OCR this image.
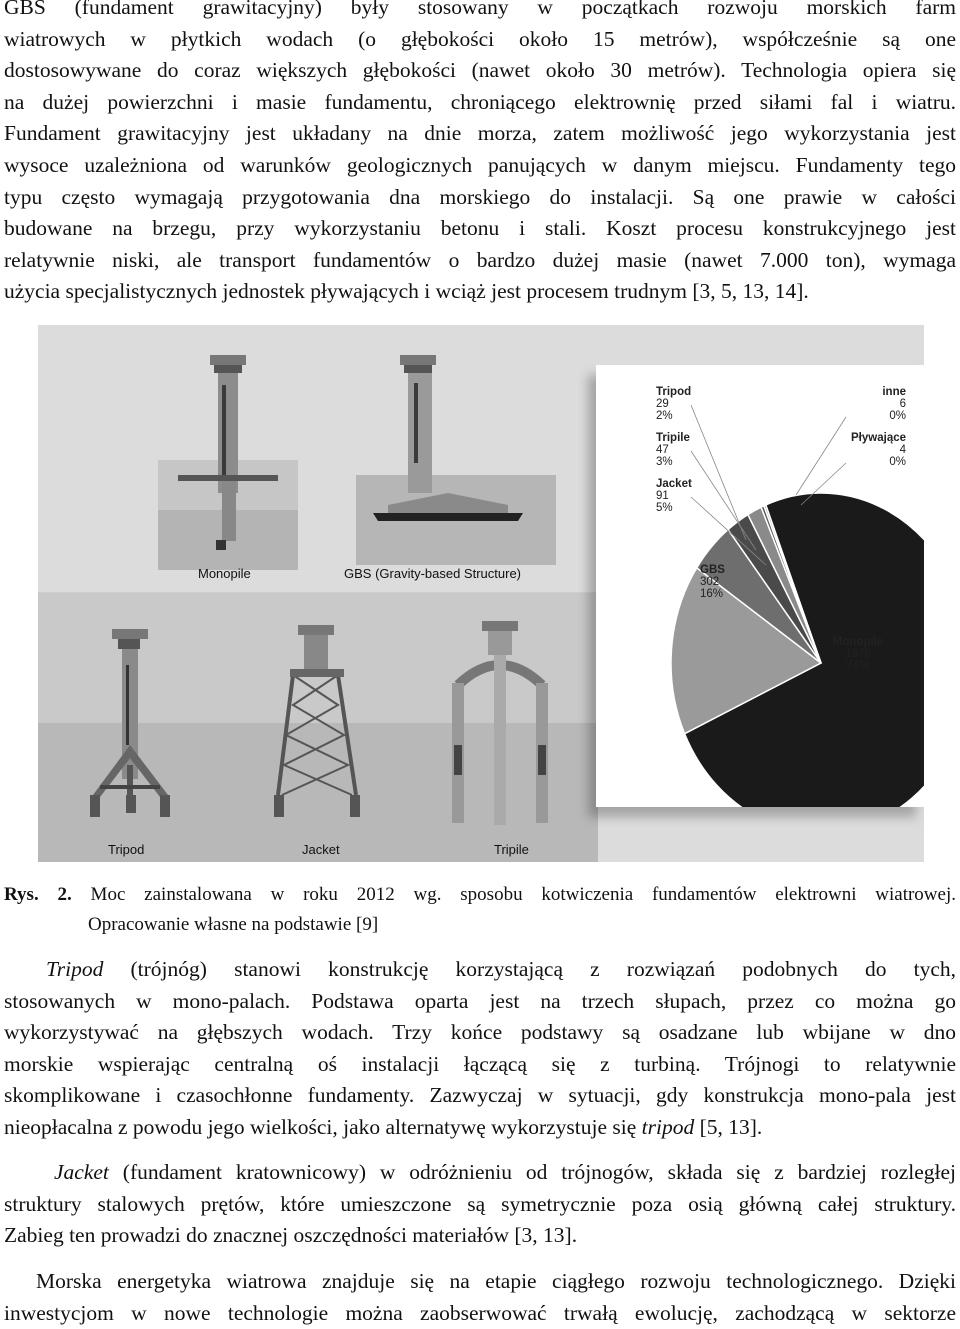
GBS (fundament grawitacyjny) były stosowany w początkach rozwoju morskich farm
wiatrowych w płytkich wodach (o głębokości około 15 metrów), współcześnie są one
dostosowywane do coraz większych głębokości (nawet około 30 metrów). Technologia opiera się
na dużej powierzchni i masie fundamentu, chroniącego elektrownię przed siłami fal i wiatru.
Fundament grawitacyjny jest układany na dnie morza, zatem możliwość jego wykorzystania jest
wysoce uzależniona od warunków geologicznych panujących w danym miejscu. Fundamenty tego
typu często wymagają przygotowania dna morskiego do instalacji. Są one prawie w całości
budowane na brzegu, przy wykorzystaniu betonu i stali. Koszt procesu konstrukcyjnego jest
relatywnie niski, ale transport fundamentów o bardzo dużej masie (nawet 7.000 ton), wymaga
użycia specjalistycznych jednostek pływających i wciąż jest procesem trudnym [3, 5, 13, 14].
Monopile	GBS (Gravity-based Structure)
Tripod	Jacket	Tripile
Monopile
1376
74%
GBS
302
16%
Jacket
91
5%
Tripile
47
3%
Tripod
29
2%
inne
6
0%
Pływające
4
0%
Rys. 2. Moc zainstalowana w roku 2012 wg. sposobu kotwiczenia fundamentów elektrowni wiatrowej.
Opracowanie własne na podstawie [9]
Tripod (trójnóg) stanowi konstrukcję korzystającą z rozwiązań podobnych do tych,
stosowanych w mono-palach. Podstawa oparta jest na trzech słupach, przez co można go
wykorzystywać na głębszych wodach. Trzy końce podstawy są osadzane lub wbijane w dno
morskie wspierając centralną oś instalacji łączącą się z turbiną. Trójnogi to relatywnie
skomplikowane i czasochłonne fundamenty. Zazwyczaj w sytuacji, gdy konstrukcja mono-pala jest
nieopłacalna z powodu jego wielkości, jako alternatywę wykorzystuje się tripod [5, 13].
Jacket (fundament kratownicowy) w odróżnieniu od trójnogów, składa się z bardziej rozległej
struktury stalowych prętów, które umieszczone są symetrycznie poza osią główną całej struktury.
Zabieg ten prowadzi do znacznej oszczędności materiałów [3, 13].
Morska energetyka wiatrowa znajduje się na etapie ciągłego rozwoju technologicznego. Dzięki
inwestycjom w nowe technologie można zaobserwować trwałą ewolucję, zachodzącą w sektorze
